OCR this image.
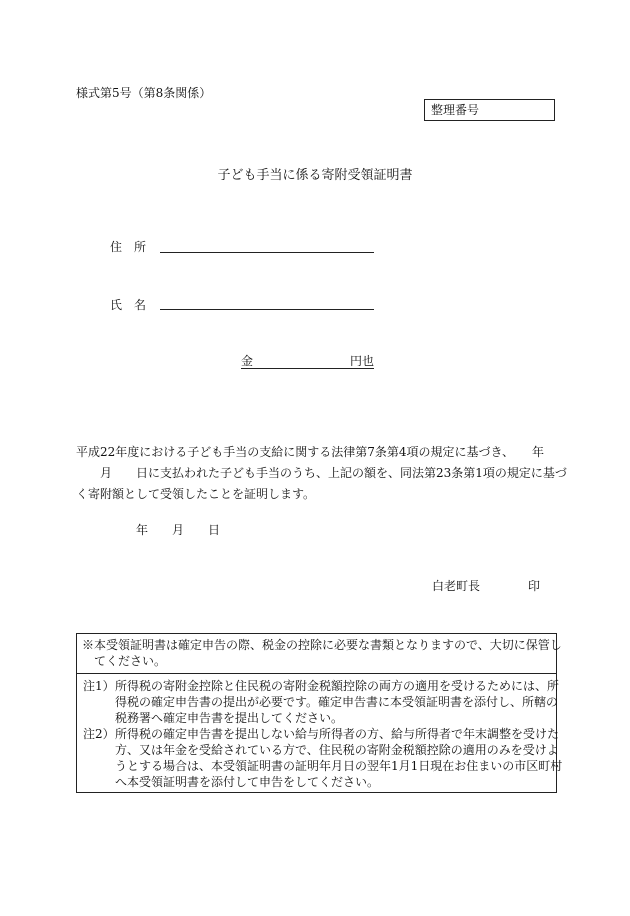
様式第5号（第8条関係）
整理番号
子ども手当に係る寄附受領証明書
住　所
氏　名
金	円也
平成22年度における子ども手当の支給に関する法律第7条第4項の規定に基づき、　　年
　　月　　日に支払われた子ども手当のうち、上記の額を、同法第23条第1項の規定に基づ
く寄附額として受領したことを証明します。
年　　月　　日
白老町長	印
※本受領証明書は確定申告の際、税金の控除に必要な書類となりますので、大切に保管し
　てください。
注1） 所得税の寄附金控除と住民税の寄附金税額控除の両方の適用を受けるためには、所
得税の確定申告書の提出が必要です。確定申告書に本受領証明書を添付し、所轄の
税務署へ確定申告書を提出してください。
注2） 所得税の確定申告書を提出しない給与所得者の方、給与所得者で年末調整を受けた
方、又は年金を受給されている方で、住民税の寄附金税額控除の適用のみを受けよ
うとする場合は、本受領証明書の証明年月日の翌年1月1日現在お住まいの市区町村
へ本受領証明書を添付して申告をしてください。
